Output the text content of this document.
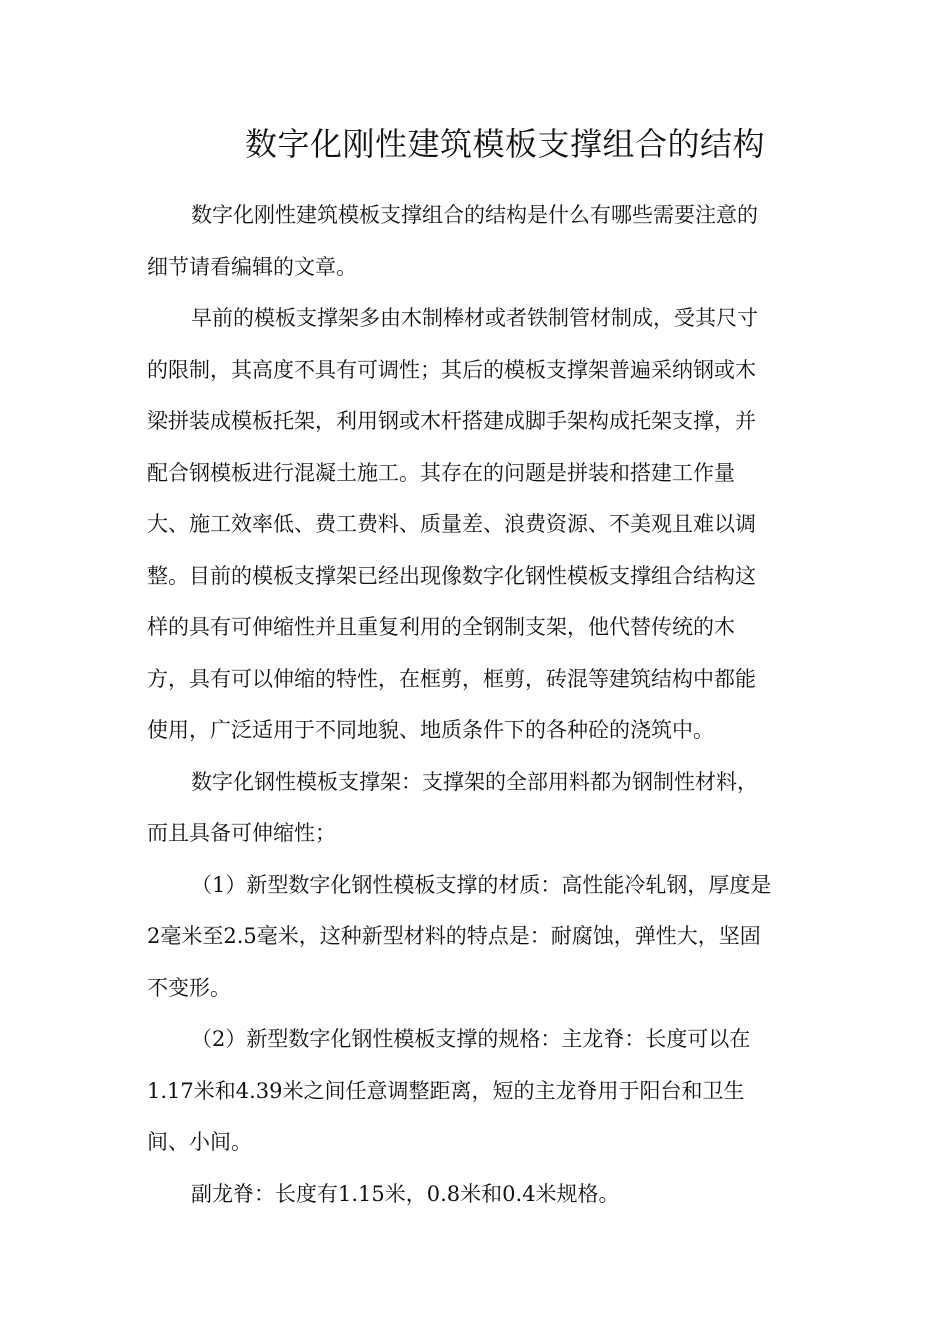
数字化刚性建筑模板支撑组合的结构

数字化刚性建筑模板支撑组合的结构是什么有哪些需要注意的
细节请看编辑的文章。

早前的模板支撑架多由木制棒材或者铁制管材制成，受其尺寸
的限制，其高度不具有可调性；其后的模板支撑架普遍采纳钢或木
梁拼装成模板托架，利用钢或木杆搭建成脚手架构成托架支撑，并
配合钢模板进行混凝土施工。其存在的问题是拼装和搭建工作量
大、施工效率低、费工费料、质量差、浪费资源、不美观且难以调
整。目前的模板支撑架已经出现像数字化钢性模板支撑组合结构这
样的具有可伸缩性并且重复利用的全钢制支架，他代替传统的木
方，具有可以伸缩的特性，在框剪，框剪，砖混等建筑结构中都能
使用，广泛适用于不同地貌、地质条件下的各种砼的浇筑中。

数字化钢性模板支撑架：支撑架的全部用料都为钢制性材料，
而且具备可伸缩性；

（1）新型数字化钢性模板支撑的材质：高性能冷轧钢，厚度是
2毫米至2.5毫米，这种新型材料的特点是：耐腐蚀，弹性大，坚固
不变形。

（2）新型数字化钢性模板支撑的规格：主龙脊：长度可以在
1.17米和4.39米之间任意调整距离，短的主龙脊用于阳台和卫生
间、小间。

副龙脊：长度有1.15米，0.8米和0.4米规格。
